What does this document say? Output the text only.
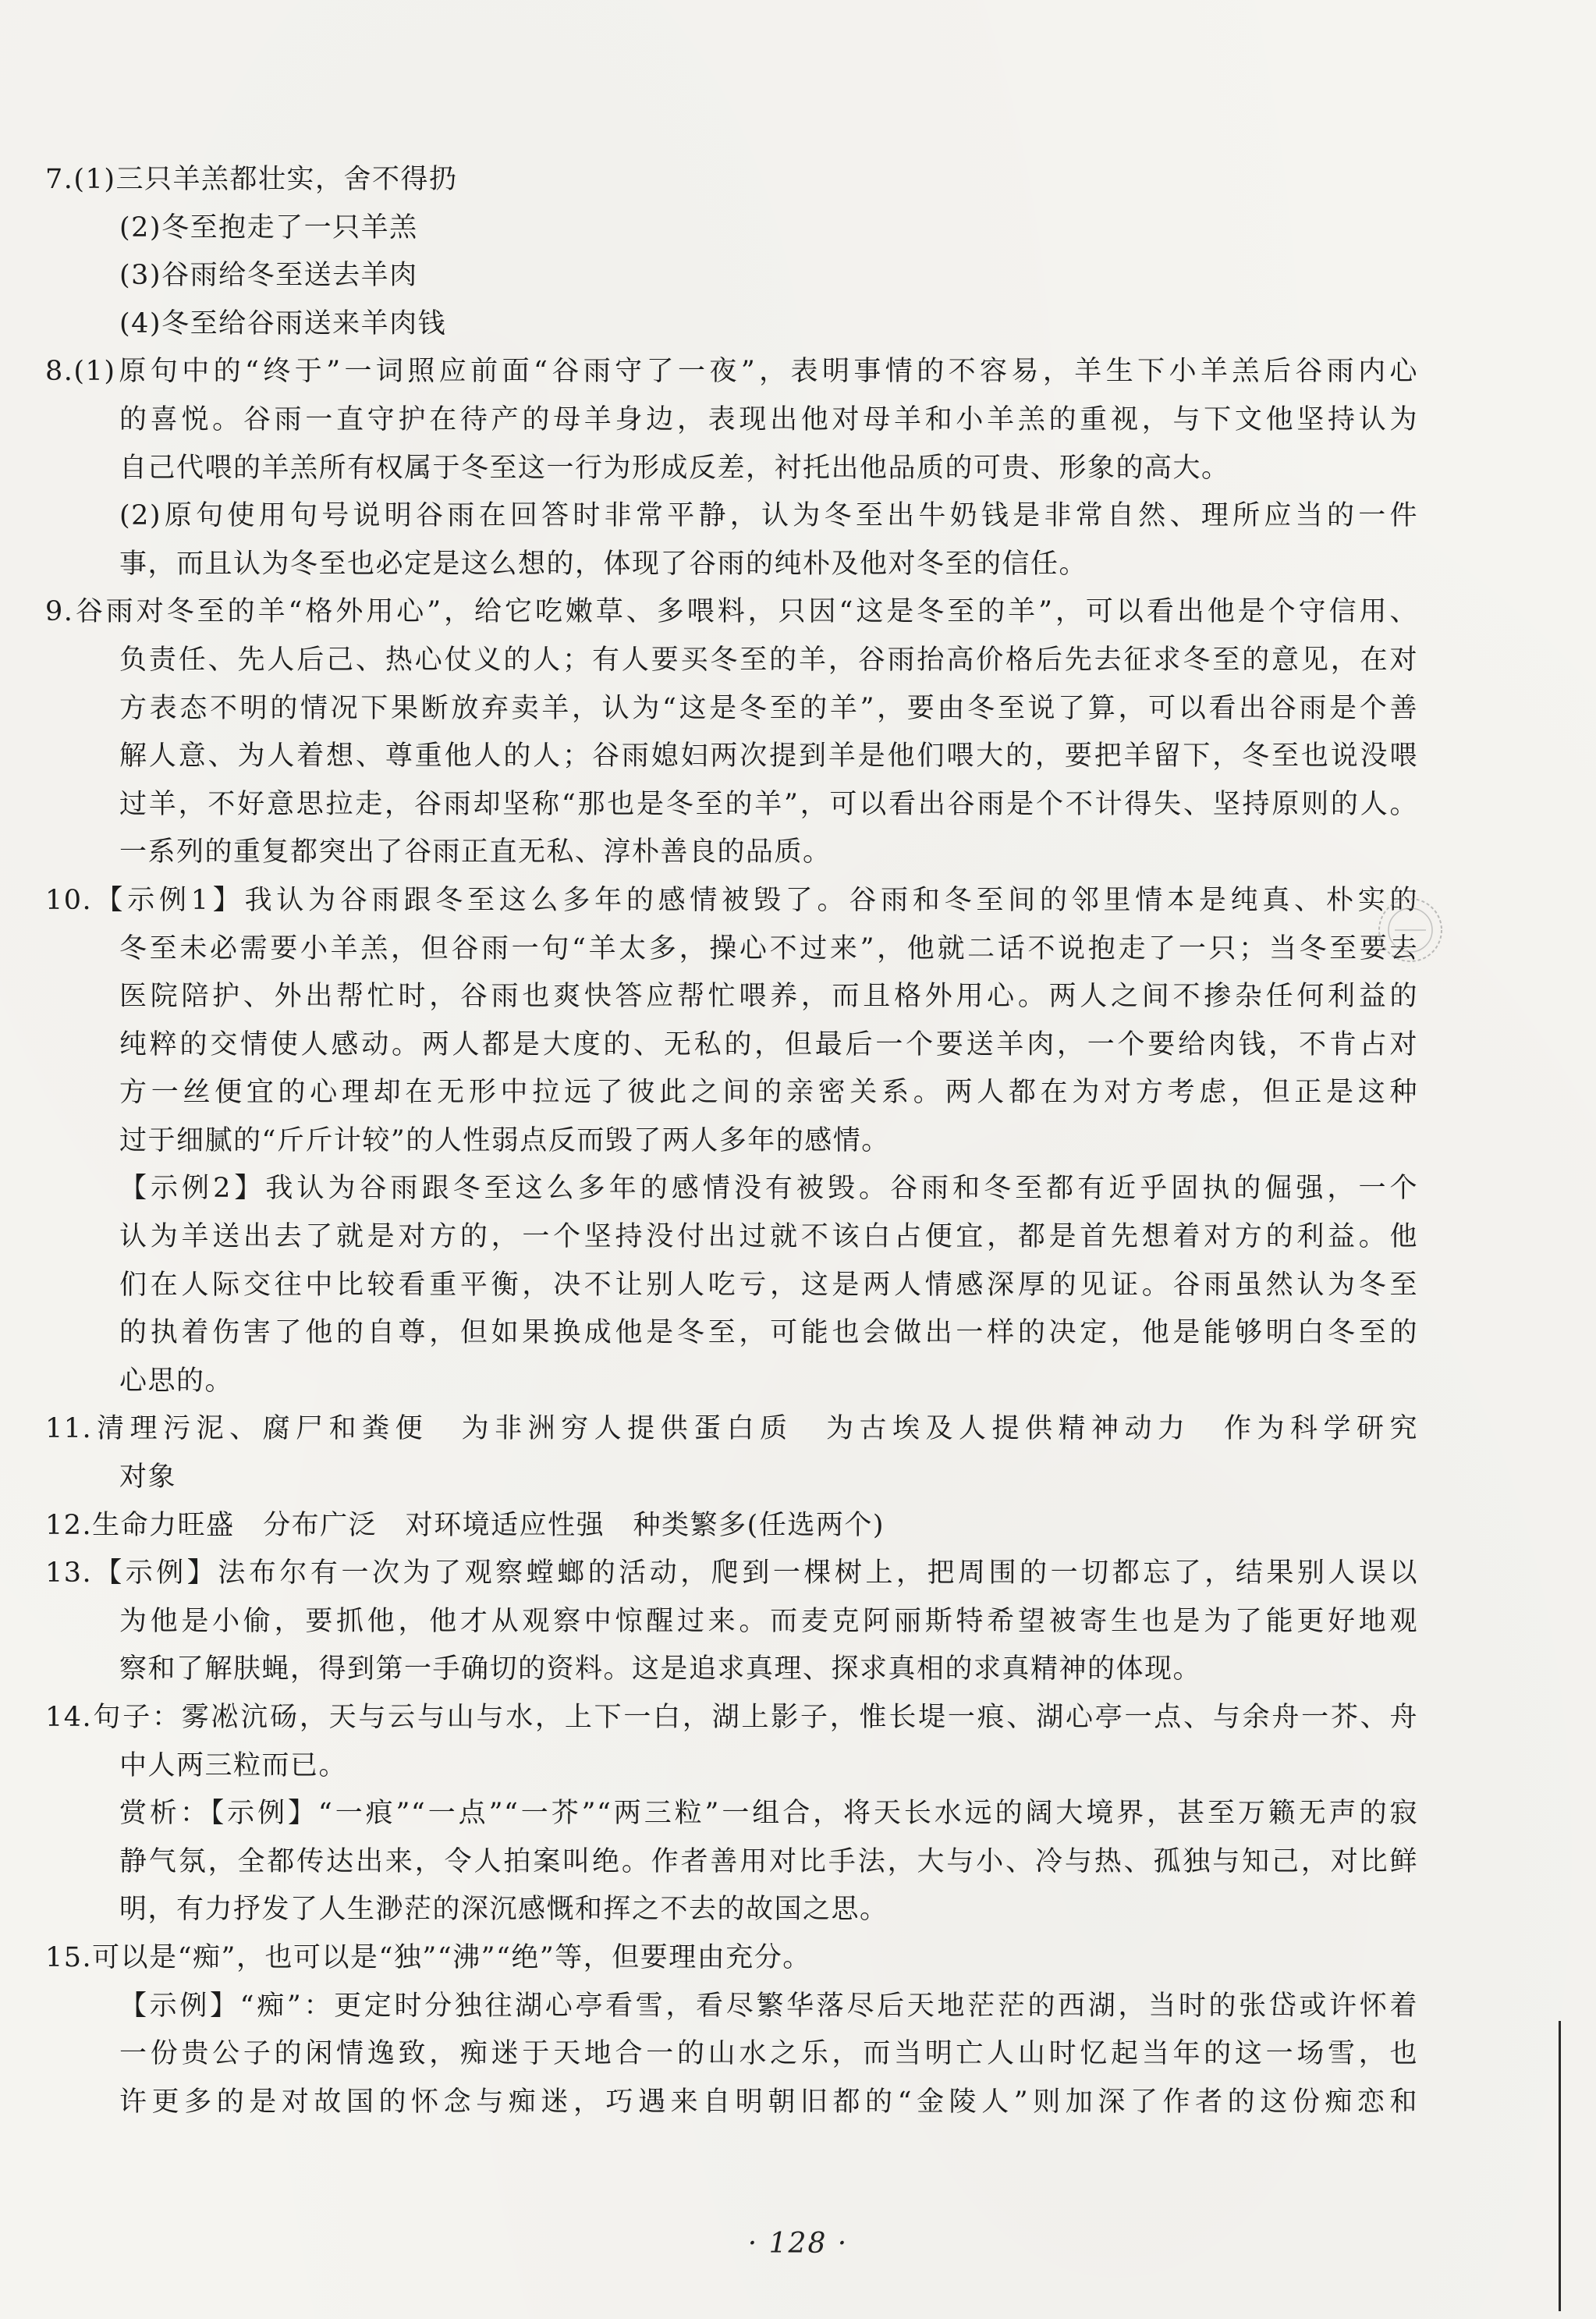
7.(1)三只羊羔都壮实，舍不得扔
(2)冬至抱走了一只羊羔
(3)谷雨给冬至送去羊肉
(4)冬至给谷雨送来羊肉钱
8.(1)原句中的“终于”一词照应前面“谷雨守了一夜”，表明事情的不容易，羊生下小羊羔后谷雨内心
的喜悦。谷雨一直守护在待产的母羊身边，表现出他对母羊和小羊羔的重视，与下文他坚持认为
自己代喂的羊羔所有权属于冬至这一行为形成反差，衬托出他品质的可贵、形象的高大。
(2)原句使用句号说明谷雨在回答时非常平静，认为冬至出牛奶钱是非常自然、理所应当的一件
事，而且认为冬至也必定是这么想的，体现了谷雨的纯朴及他对冬至的信任。
9.谷雨对冬至的羊“格外用心”，给它吃嫩草、多喂料，只因“这是冬至的羊”，可以看出他是个守信用、
负责任、先人后己、热心仗义的人；有人要买冬至的羊，谷雨抬高价格后先去征求冬至的意见，在对
方表态不明的情况下果断放弃卖羊，认为“这是冬至的羊”，要由冬至说了算，可以看出谷雨是个善
解人意、为人着想、尊重他人的人；谷雨媳妇两次提到羊是他们喂大的，要把羊留下，冬至也说没喂
过羊，不好意思拉走，谷雨却坚称“那也是冬至的羊”，可以看出谷雨是个不计得失、坚持原则的人。
一系列的重复都突出了谷雨正直无私、淳朴善良的品质。
10.【示例1】我认为谷雨跟冬至这么多年的感情被毁了。谷雨和冬至间的邻里情本是纯真、朴实的
冬至未必需要小羊羔，但谷雨一句“羊太多，操心不过来”，他就二话不说抱走了一只；当冬至要去
医院陪护、外出帮忙时，谷雨也爽快答应帮忙喂养，而且格外用心。两人之间不掺杂任何利益的
纯粹的交情使人感动。两人都是大度的、无私的，但最后一个要送羊肉，一个要给肉钱，不肯占对
方一丝便宜的心理却在无形中拉远了彼此之间的亲密关系。两人都在为对方考虑，但正是这种
过于细腻的“斤斤计较”的人性弱点反而毁了两人多年的感情。
【示例2】我认为谷雨跟冬至这么多年的感情没有被毁。谷雨和冬至都有近乎固执的倔强，一个
认为羊送出去了就是对方的，一个坚持没付出过就不该白占便宜，都是首先想着对方的利益。他
们在人际交往中比较看重平衡，决不让别人吃亏，这是两人情感深厚的见证。谷雨虽然认为冬至
的执着伤害了他的自尊，但如果换成他是冬至，可能也会做出一样的决定，他是能够明白冬至的
心思的。
11.清理污泥、腐尸和粪便　为非洲穷人提供蛋白质　为古埃及人提供精神动力　作为科学研究
对象
12.生命力旺盛　分布广泛　对环境适应性强　种类繁多(任选两个)
13.【示例】法布尔有一次为了观察螳螂的活动，爬到一棵树上，把周围的一切都忘了，结果别人误以
为他是小偷，要抓他，他才从观察中惊醒过来。而麦克阿丽斯特希望被寄生也是为了能更好地观
察和了解肤蝇，得到第一手确切的资料。这是追求真理、探求真相的求真精神的体现。
14.句子：雾凇沆砀，天与云与山与水，上下一白，湖上影子，惟长堤一痕、湖心亭一点、与余舟一芥、舟
中人两三粒而已。
赏析：【示例】“一痕”“一点”“一芥”“两三粒”一组合，将天长水远的阔大境界，甚至万籁无声的寂
静气氛，全都传达出来，令人拍案叫绝。作者善用对比手法，大与小、冷与热、孤独与知己，对比鲜
明，有力抒发了人生渺茫的深沉感慨和挥之不去的故国之思。
15.可以是“痴”，也可以是“独”“沸”“绝”等，但要理由充分。
【示例】“痴”：更定时分独往湖心亭看雪，看尽繁华落尽后天地茫茫的西湖，当时的张岱或许怀着
一份贵公子的闲情逸致，痴迷于天地合一的山水之乐，而当明亡人山时忆起当年的这一场雪，也
许更多的是对故国的怀念与痴迷，巧遇来自明朝旧都的“金陵人”则加深了作者的这份痴恋和
· 128 ·
